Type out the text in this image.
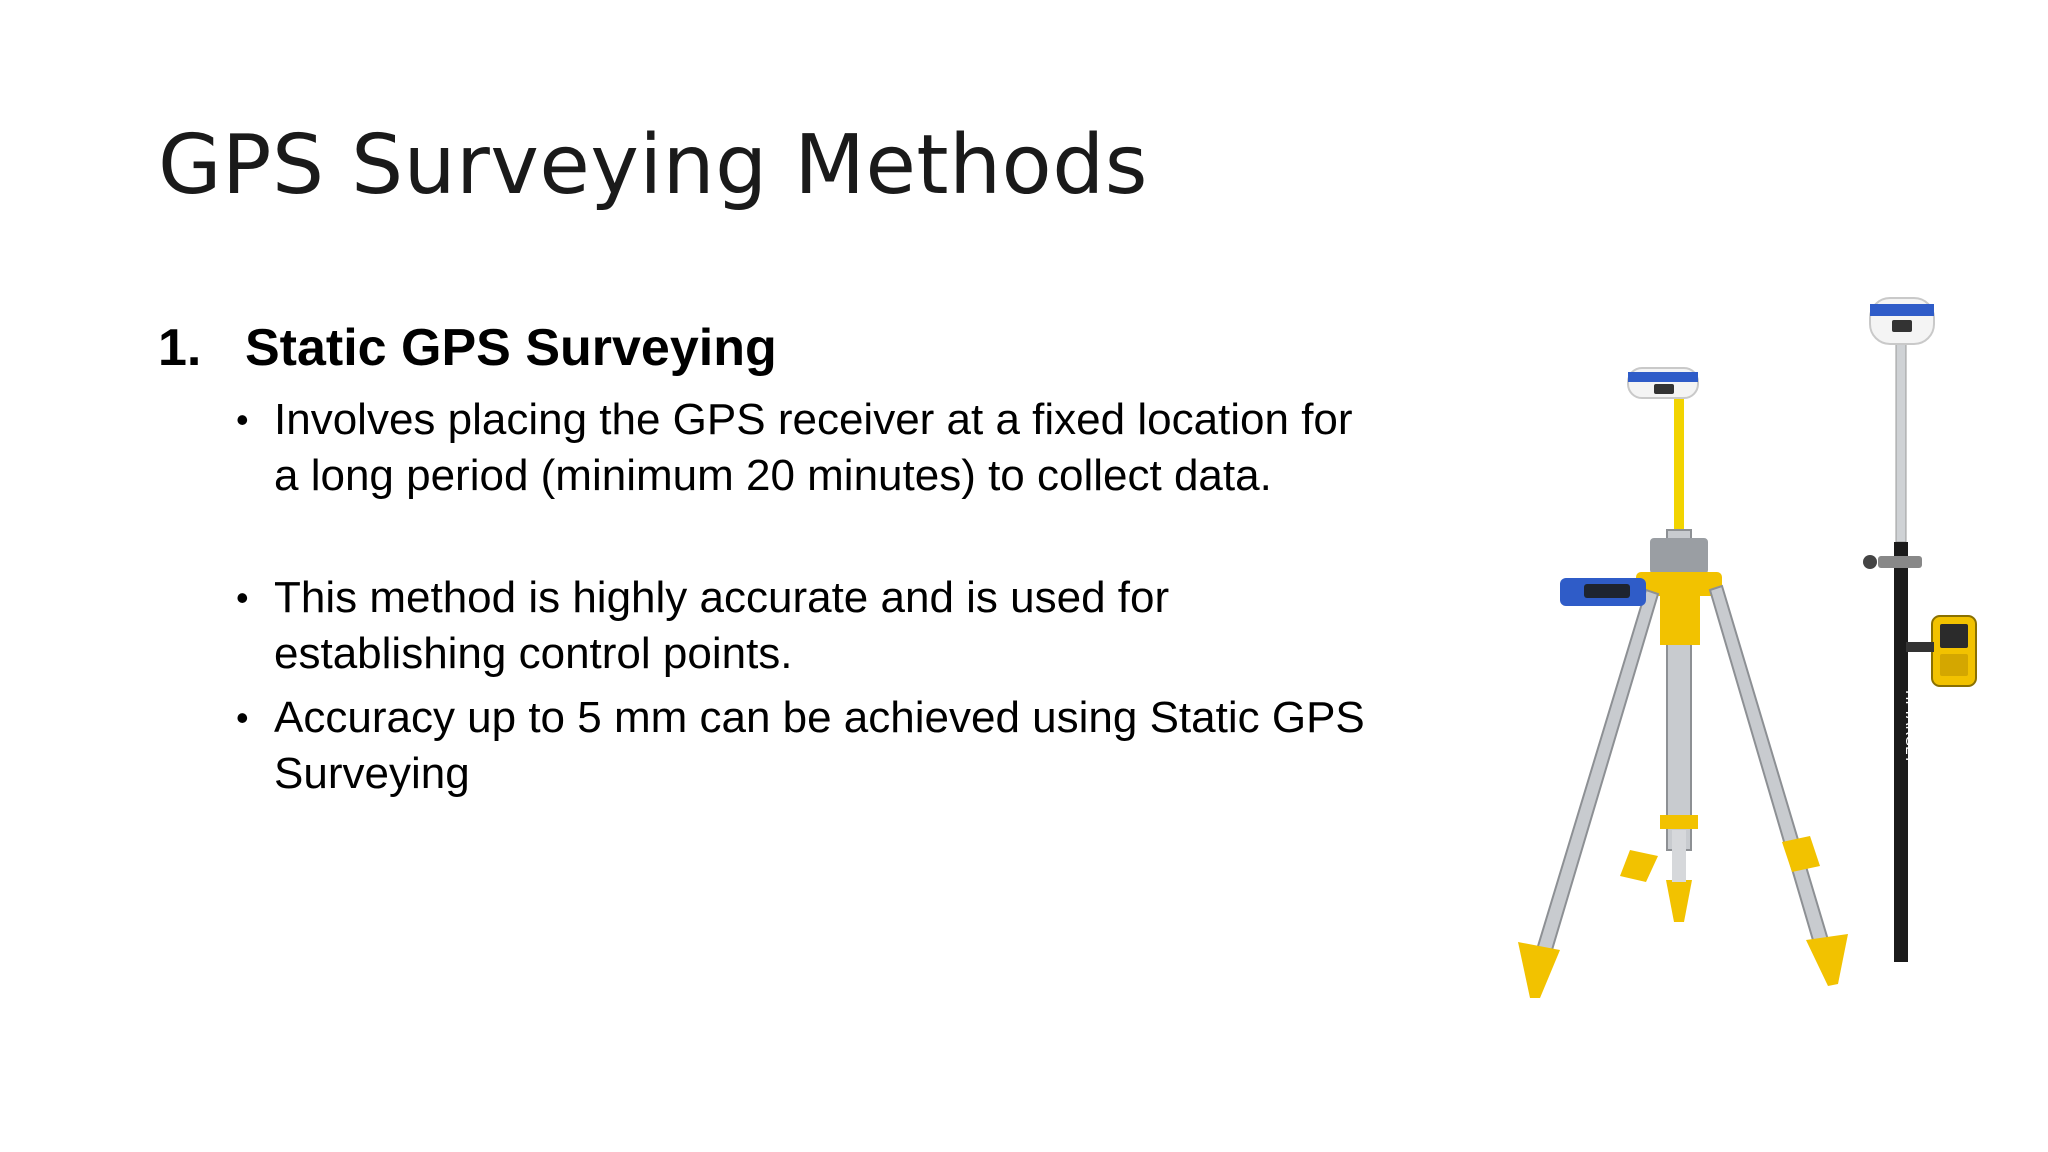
GPS Surveying Methods
1. Static GPS Surveying
• Involves placing the GPS receiver at a fixed location for a long period (minimum 20 minutes) to collect data.
• This method is highly accurate and is used for establishing control points.
• Accuracy up to 5 mm can be achieved using Static GPS Surveying
HI-TARGET
